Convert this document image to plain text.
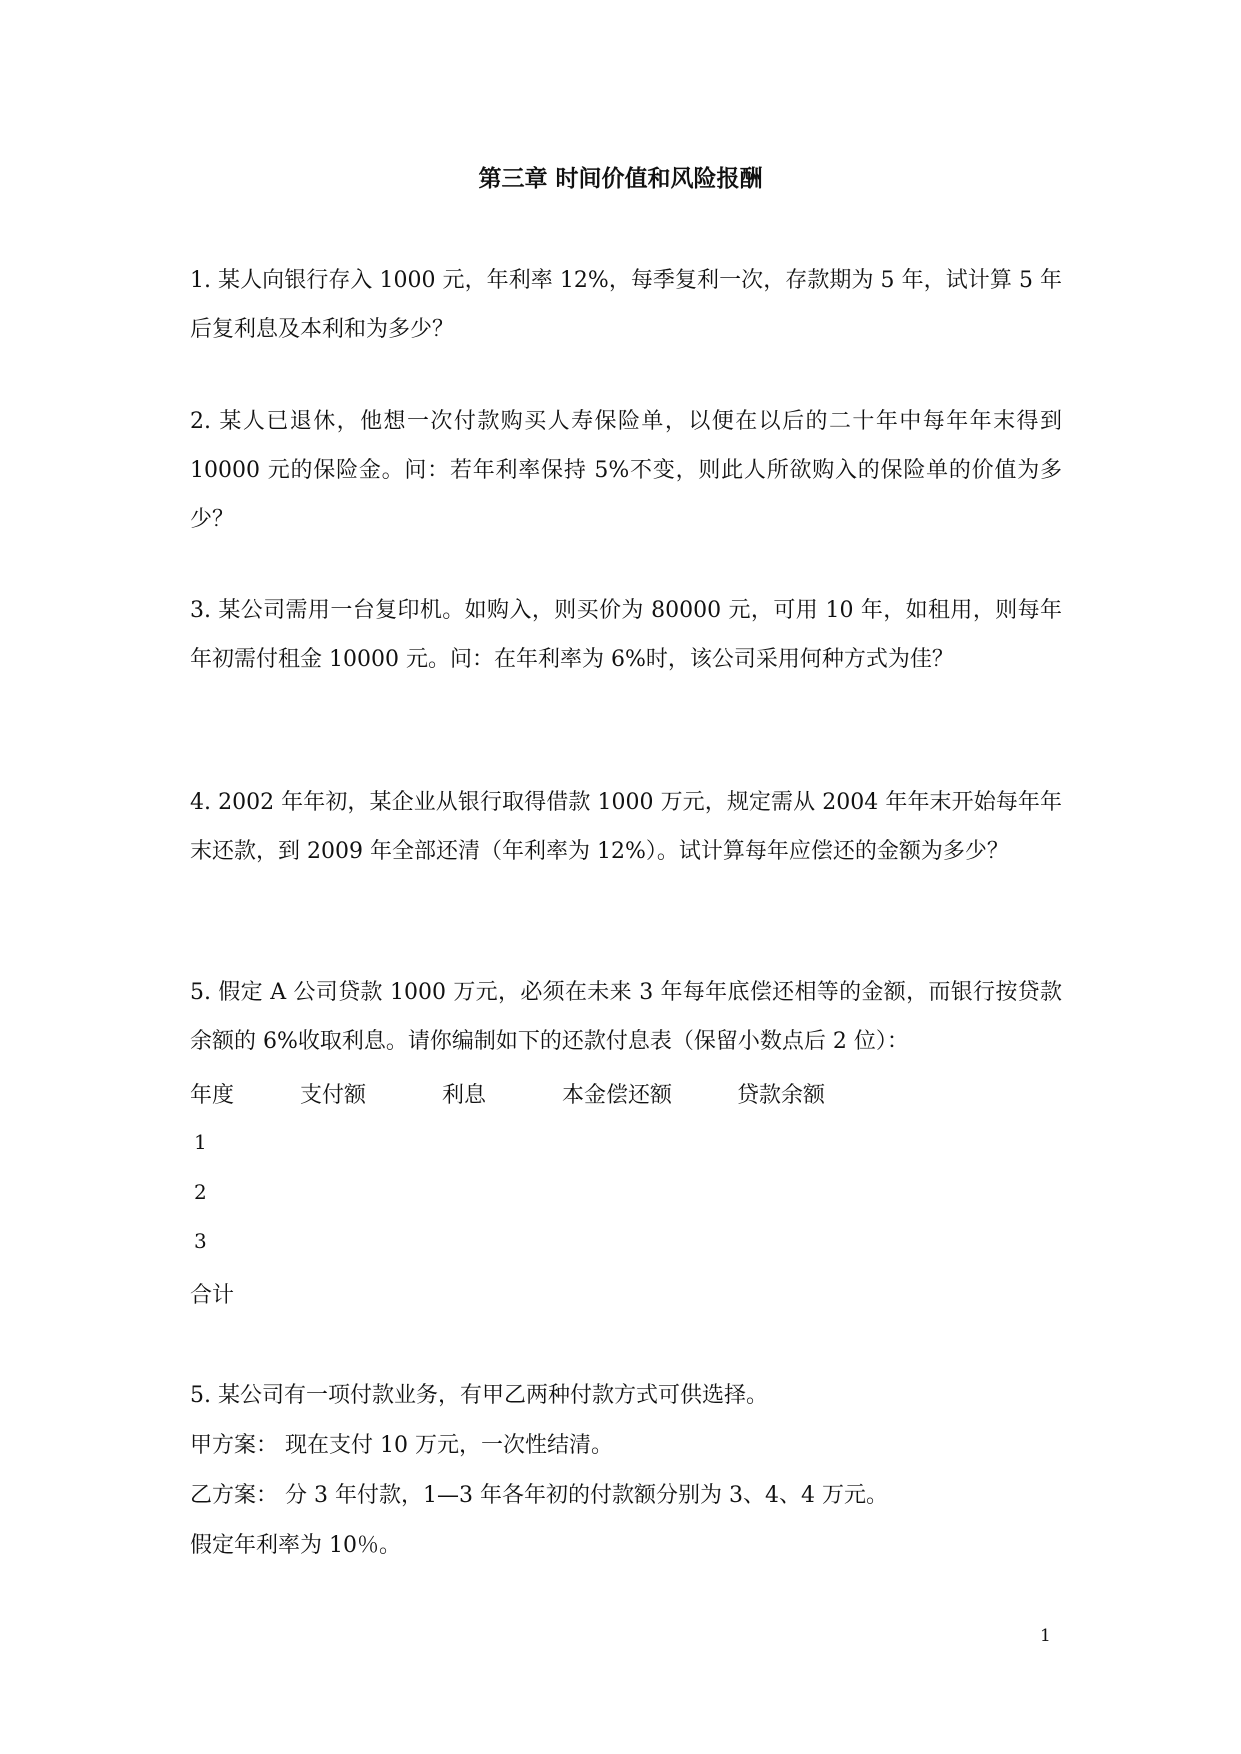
第三章 时间价值和风险报酬
1. 某人向银行存入 1000 元，年利率 12%，每季复利一次，存款期为 5 年，试计算 5 年后复利息及本利和为多少？
2. 某人已退休，他想一次付款购买人寿保险单，以便在以后的二十年中每年年末得到 10000 元的保险金。问：若年利率保持 5%不变，则此人所欲购入的保险单的价值为多少？
3. 某公司需用一台复印机。如购入，则买价为 80000 元，可用 10 年，如租用，则每年年初需付租金 10000 元。问：在年利率为 6%时，该公司采用何种方式为佳？
4. 2002 年年初，某企业从银行取得借款 1000 万元，规定需从 2004 年年末开始每年年末还款，到 2009 年全部还清（年利率为 12%）。试计算每年应偿还的金额为多少？
5. 假定 A 公司贷款 1000 万元，必须在未来 3 年每年底偿还相等的金额，而银行按贷款余额的 6%收取利息。请你编制如下的还款付息表（保留小数点后 2 位）：
年度	支付额	利息	本金偿还额	贷款余额
1
2
3
合计
5. 某公司有一项付款业务，有甲乙两种付款方式可供选择。
甲方案： 现在支付 10 万元，一次性结清。
乙方案： 分 3 年付款，1—3 年各年初的付款额分别为 3、4、4 万元。
假定年利率为 10％。
1
